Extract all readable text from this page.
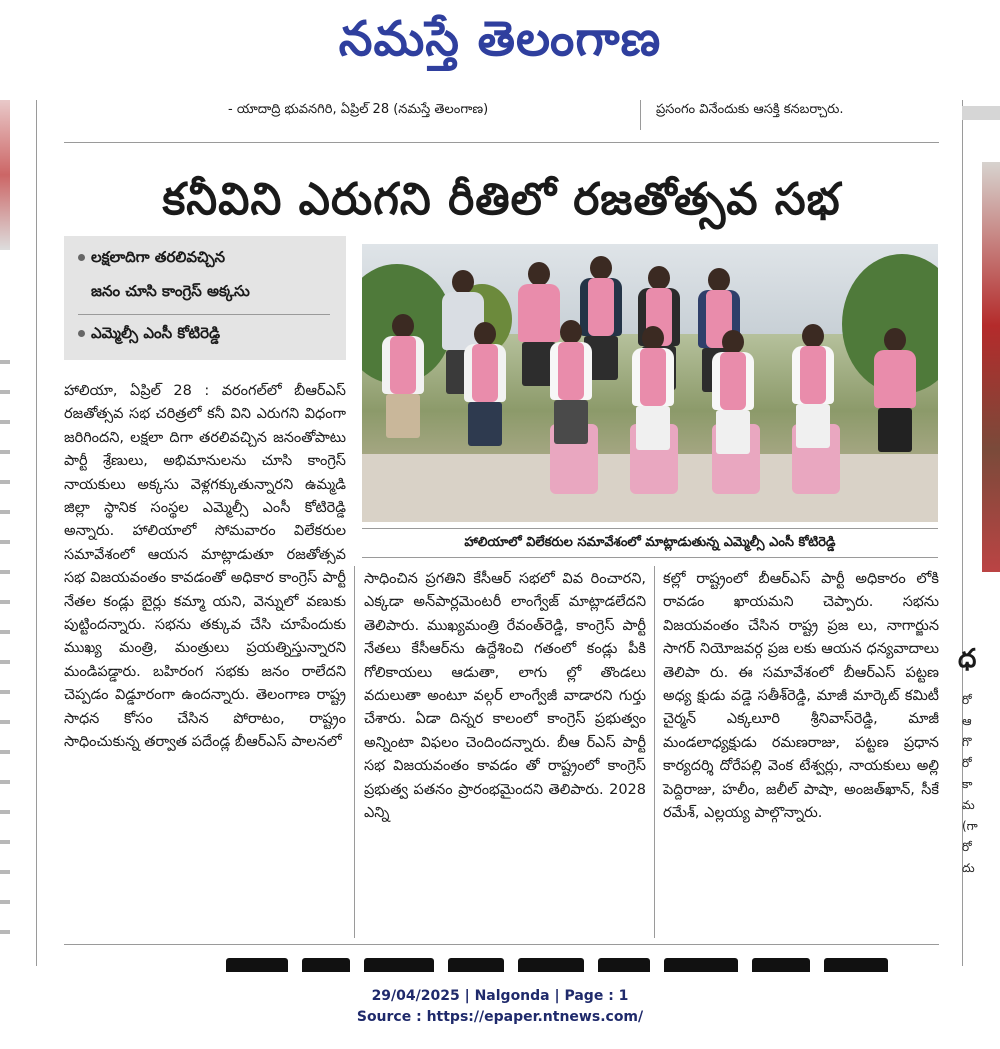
నమస్తే తెలంగాణ
- యాదాద్రి భువనగిరి, ఏప్రిల్ 28 (నమస్తే తెలంగాణ)	ప్రసంగం వినేందుకు ఆసక్తి కనబర్చారు.
కనీవిని ఎరుగని రీతిలో రజతోత్సవ సభ
లక్షలాదిగా తరలివచ్చిన
జనం చూసి కాంగ్రెస్ అక్కసు
ఎమ్మెల్సీ ఎంసీ కోటిరెడ్డి
హాలియాలో విలేకరుల సమావేశంలో మాట్లాడుతున్న ఎమ్మెల్సీ ఎంసీ కోటిరెడ్డి

హాలియా, ఏప్రిల్ 28 : వరంగల్‌లో బీఆర్‌ఎస్ రజతోత్సవ సభ చరిత్రలో కనీ విని ఎరుగని విధంగా జరిగిందని, లక్షలా దిగా తరలివచ్చిన జనంతోపాటు పార్టీ శ్రేణులు, అభిమానులను చూసి కాంగ్రెస్ నాయకులు అక్కసు వెళ్లగక్కుతున్నారని ఉమ్మడి జిల్లా స్థానిక సంస్థల ఎమ్మెల్సీ ఎంసీ కోటిరెడ్డి అన్నారు. హాలియాలో సోమవారం విలేకరుల సమావేశంలో ఆయన మాట్లాడుతూ రజతోత్సవ సభ విజయవంతం కావడంతో అధికార కాంగ్రెస్ పార్టీ నేతల కండ్లు బైర్లు కమ్మా యని, వెన్నులో వణుకు పుట్టిందన్నారు. సభను తక్కువ చేసి చూపేందుకు ముఖ్య మంత్రి, మంత్రులు ప్రయత్నిస్తున్నారని మండిపడ్డారు. బహిరంగ సభకు జనం రాలేదని చెప్పడం విడ్డూరంగా ఉందన్నారు. తెలంగాణ రాష్ట్ర సాధన కోసం చేసిన పోరాటం, రాష్ట్రం సాధించుకున్న తర్వాత పదేండ్ల బీఆర్‌ఎస్ పాలనలో

సాధించిన ప్రగతిని కేసీఆర్ సభలో వివ రించారని, ఎక్కడా అన్‌పార్లమెంటరీ లాంగ్వేజ్ మాట్లాడలేదని తెలిపారు. ముఖ్యమంత్రి రేవంత్‌రెడ్డి, కాంగ్రెస్ పార్టీ నేతలు కేసీఆర్‌ను ఉద్దేశించి గతంలో కండ్లు పీకి గోలికాయలు ఆడుతా, లాగు ల్లో తొండలు వదులుతా అంటూ వల్గర్ లాంగ్వేజీ వాడారని గుర్తు చేశారు. ఏడా దిన్నర కాలంలో కాంగ్రెస్ ప్రభుత్వం అన్నింటా విఫలం చెందిందన్నారు. బీఆ ర్‌ఎస్ పార్టీ సభ విజయవంతం కావడం తో రాష్ట్రంలో కాంగ్రెస్ ప్రభుత్వ పతనం ప్రారంభమైందని తెలిపారు. 2028 ఎన్ని

కల్లో రాష్ట్రంలో బీఆర్‌ఎస్ పార్టీ అధికారం లోకి రావడం ఖాయమని చెప్పారు. సభను విజయవంతం చేసిన రాష్ట్ర ప్రజ లు, నాగార్జున సాగర్ నియోజవర్గ ప్రజ లకు ఆయన ధన్యవాదాలు తెలిపా రు. ఈ సమావేశంలో బీఆర్‌ఎస్ పట్టణ అధ్య క్షుడు వడ్డె సతీశ్‌రెడ్డి, మాజీ మార్కెట్ కమిటీ చైర్మన్ ఎక్కలూరి శ్రీనివాస్‌రెడ్డి, మాజీ మండలాధ్యక్షుడు రమణరాజు, పట్టణ ప్రధాన కార్యదర్శి దోరేపల్లి వెంక టేశ్వర్లు, నాయకులు అల్లి పెద్దిరాజు, హలీం, జలీల్ పాషా, అంజత్‌ఖాన్, సీకే రమేశ్, ఎల్లయ్య పాల్గొన్నారు.

ధ
రో
ఆ
గొ
రో
కా
మ
(గా
రో
దు
29/04/2025 | Nalgonda | Page : 1
Source : https://epaper.ntnews.com/
